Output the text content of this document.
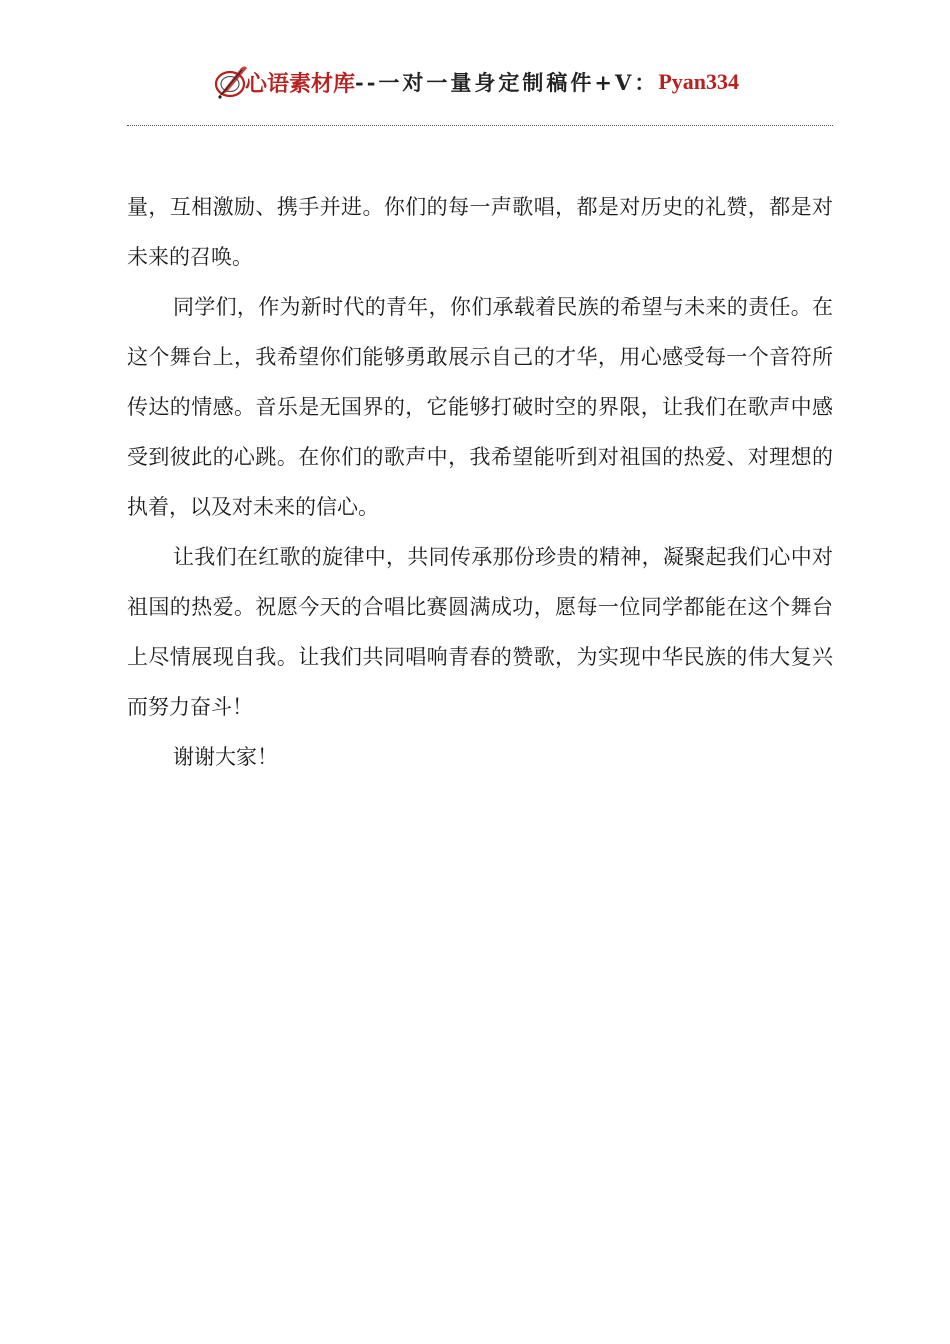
心语素材库 --一对一量身定制稿件+V： Pyan334

量，互相激励、携手并进。你们的每一声歌唱，都是对历史的礼赞，都是对未来的召唤。

同学们，作为新时代的青年，你们承载着民族的希望与未来的责任。在这个舞台上，我希望你们能够勇敢展示自己的才华，用心感受每一个音符所传达的情感。音乐是无国界的，它能够打破时空的界限，让我们在歌声中感受到彼此的心跳。在你们的歌声中，我希望能听到对祖国的热爱、对理想的执着，以及对未来的信心。

让我们在红歌的旋律中，共同传承那份珍贵的精神，凝聚起我们心中对祖国的热爱。祝愿今天的合唱比赛圆满成功，愿每一位同学都能在这个舞台上尽情展现自我。让我们共同唱响青春的赞歌，为实现中华民族的伟大复兴而努力奋斗！

谢谢大家！
